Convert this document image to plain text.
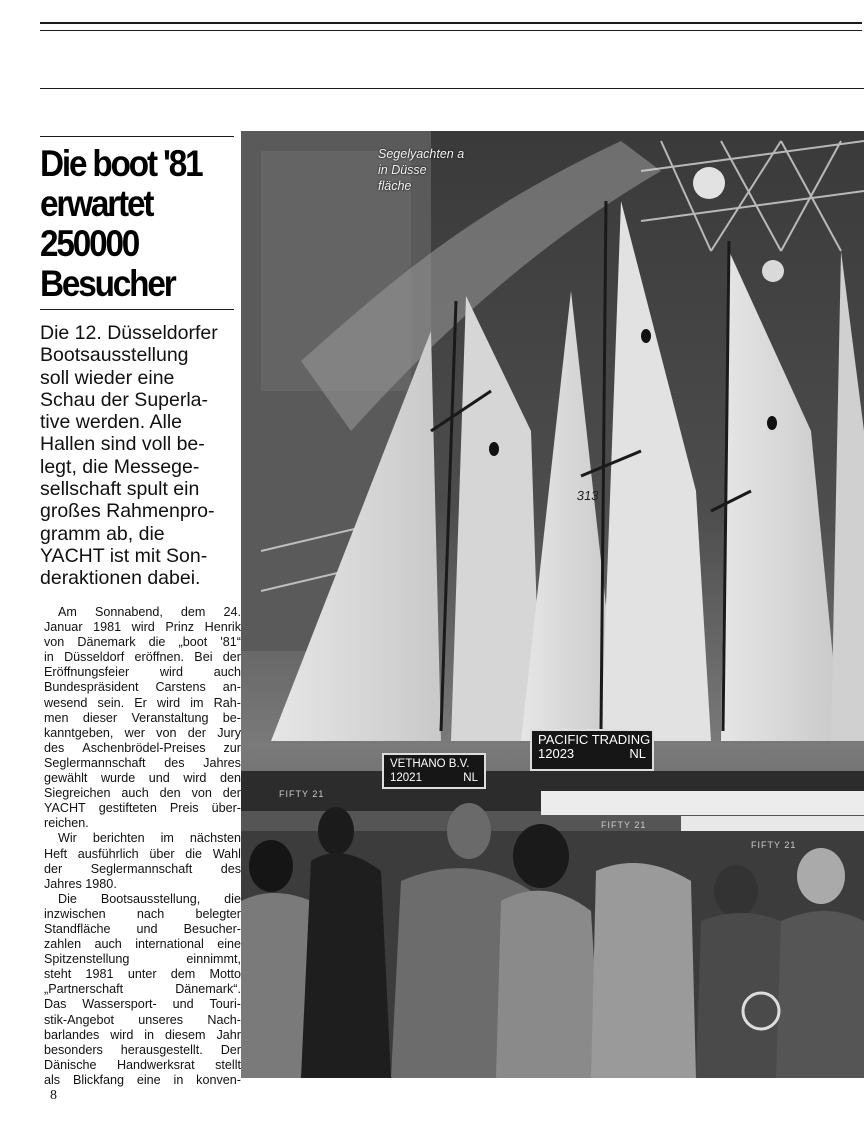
Die boot '81
erwartet
250000
Besucher
Die 12. Düsseldorfer
Bootsausstellung
soll wieder eine
Schau der Superla-
tive werden. Alle
Hallen sind voll be-
legt, die Messege-
sellschaft spult ein
großes Rahmenpro-
gramm ab, die
YACHT ist mit Son-
deraktionen dabei.
Am Sonnabend, dem 24.
Januar 1981 wird Prinz Henrik
von Dänemark die „boot '81“
in Düsseldorf eröffnen. Bei der
Eröffnungsfeier wird auch
Bundespräsident Carstens an-
wesend sein. Er wird im Rah-
men dieser Veranstaltung be-
kanntgeben, wer von der Jury
des Aschenbrödel-Preises zur
Seglermannschaft des Jahres
gewählt wurde und wird den
Siegreichen auch den von der
YACHT gestifteten Preis über-
reichen.
Wir berichten im nächsten
Heft ausführlich über die Wahl
der Seglermannschaft des
Jahres 1980.
Die Bootsausstellung, die
inzwischen nach belegter
Standfläche und Besucher-
zahlen auch international eine
Spitzenstellung	einnimmt,
steht 1981 unter dem Motto
„Partnerschaft	Dänemark“.
Das Wassersport- und Touri-
stik-Angebot unseres Nach-
barlandes wird in diesem Jahr
besonders herausgestellt. Der
Dänische Handwerksrat stellt
als Blickfang eine in konven-
8
Segelyachten a
in Düsse
fläche
313
FIFTY 21
FIFTY 21
FIFTY 21
VETHANO B.V.
12021	NL
PACIFIC TRADING
12023	NL
